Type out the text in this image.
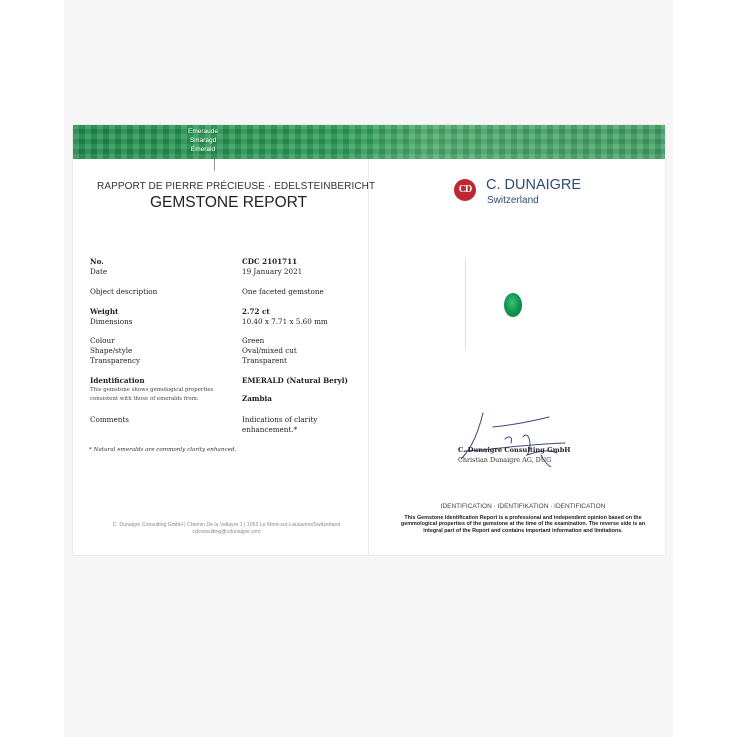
Emeraude
Smaragd
Emerald
RAPPORT DE PIERRE PRÉCIEUSE · EDELSTEINBERICHT
GEMSTONE REPORT
CD	C. DUNAIGRE
Switzerland
No.	CDC 2101711
Date	19 January 2021
Object description	One faceted gemstone
Weight	2.72 ct
Dimensions	10.40 x 7.71 x 5.60 mm
Colour	Green
Shape/style	Oval/mixed cut
Transparency	Transparent
Identification	EMERALD (Natural Beryl)
This gemstone shows gemological properties
consistent with those of emeralds from:	Zambia
Comments	Indications of clarity
enhancement.*
* Natural emeralds are commonly clarity enhanced.
C. Dunaigre Consulting GmbH | Chemin De la Vallayre 1 | 1052 Le Mont-sur-Lausanne/Switzerland
cdconsulting@cdunaigre.com
C. Dunaigre Consulting GmbH
Christian Dunaigre AG, DUG
IDENTIFICATION · IDENTIFIKATION · IDENTIFICATION
This Gemstone Identification Report is a professional and independent opinion based on the gemmological properties of the gemstone at the time of the examination. The reverse side is an integral part of the Report and contains important information and limitations.
